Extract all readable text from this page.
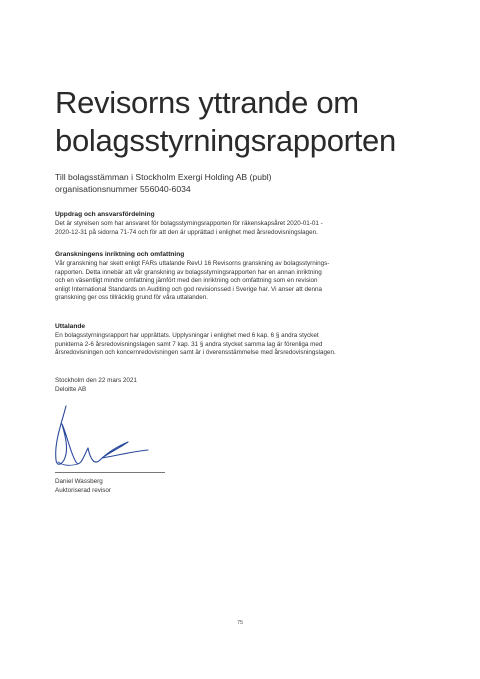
Revisorns yttrande om
bolagsstyrningsrapporten
Till bolagsstämman i Stockholm Exergi Holding AB (publ)
organisationsnummer 556040-6034
Uppdrag och ansvarsfördelning

Det är styrelsen som har ansvaret för bolagsstyrningsrapporten för räkenskapsåret 2020-01-01 -
2020-12-31 på sidorna 71-74 och för att den är upprättad i enlighet med årsredovisningslagen.

Granskningens inriktning och omfattning

Vår granskning har skett enligt FARs uttalande RevU 16 Revisorns granskning av bolagsstyrnings-
rapporten. Detta innebär att vår granskning av bolagsstyrningsrapporten har en annan inriktning
och en väsentligt mindre omfattning jämfört med den inriktning och omfattning som en revision
enligt International Standards on Auditing och god revisionssed i Sverige har. Vi anser att denna
granskning ger oss tillräcklig grund för våra uttalanden.

Uttalande

En bolagsstyrningsrapport har upprättats. Upplysningar i enlighet med 6 kap. 6 § andra stycket
punkterna 2-6 årsredovisningslagen samt 7 kap. 31 § andra stycket samma lag är förenliga med
årsredovisningen och koncernredovisningen samt är i överensstämmelse med årsredovisningslagen.

Stockholm den 22 mars 2021
Deloitte AB
Daniel Wassberg
Auktoriserad revisor
75
